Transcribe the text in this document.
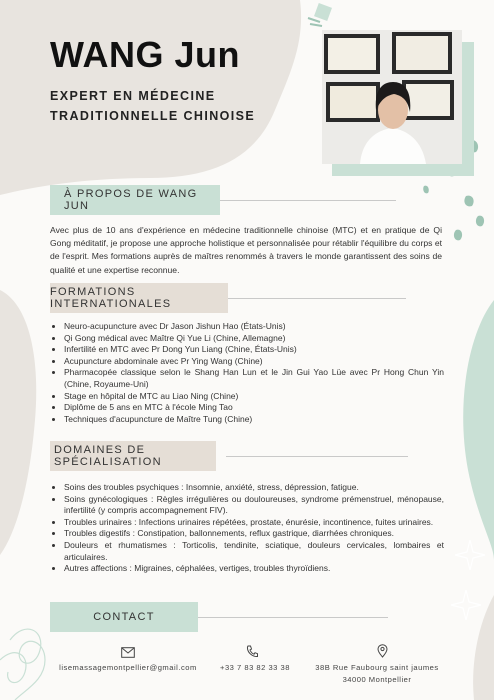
WANG Jun
EXPERT EN MÉDECINE
TRADITIONNELLE CHINOISE
À PROPOS DE WANG JUN

Avec plus de 10 ans d'expérience en médecine traditionnelle chinoise (MTC) et en pratique de Qi Gong méditatif, je propose une approche holistique et personnalisée pour rétablir l'équilibre du corps et de l'esprit. Mes formations auprès de maîtres renommés à travers le monde garantissent des soins de qualité et une expertise reconnue.

FORMATIONS INTERNATIONALES
• Neuro-acupuncture avec Dr Jason Jishun Hao (États-Unis)
• Qi Gong médical avec Maître Qi Yue Li (Chine, Allemagne)
• Infertilité en MTC avec Pr Dong Yun Liang (Chine, États-Unis)
• Acupuncture abdominale avec Pr Ying Wang (Chine)
• Pharmacopée classique selon le Shang Han Lun et le Jin Gui Yao Lüe avec Pr Hong Chun Yin (Chine, Royaume-Uni)
• Stage en hôpital de MTC au Liao Ning (Chine)
• Diplôme de 5 ans en MTC à l'école Ming Tao
• Techniques d'acupuncture de Maître Tung (Chine)
DOMAINES DE SPÉCIALISATION
• Soins des troubles psychiques : Insomnie, anxiété, stress, dépression, fatigue.
• Soins gynécologiques : Règles irrégulières ou douloureuses, syndrome prémenstruel, ménopause, infertilité (y compris accompagnement FIV).
• Troubles urinaires : Infections urinaires répétées, prostate, énurésie, incontinence, fuites urinaires.
• Troubles digestifs : Constipation, ballonnements, reflux gastrique, diarrhées chroniques.
• Douleurs et rhumatismes : Torticolis, tendinite, sciatique, douleurs cervicales, lombaires et articulaires.
• Autres affections : Migraines, céphalées, vertiges, troubles thyroïdiens.
CONTACT
lisemassagemontpellier@gmail.com	+33 7 83 82 33 38	38B Rue Faubourg saint jaumes
34000 Montpellier
